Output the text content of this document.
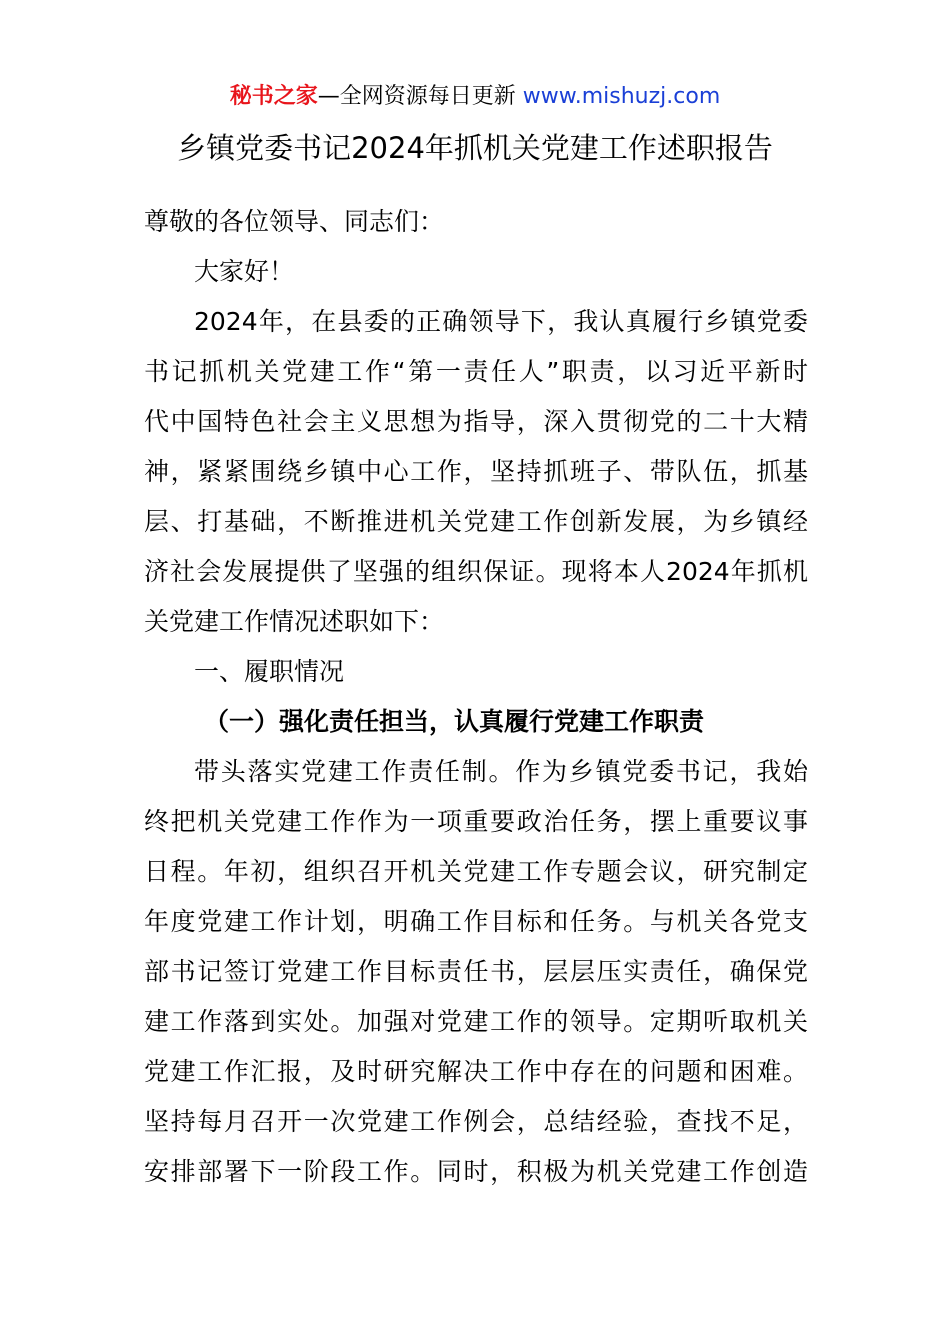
秘书之家—全网资源每日更新 www.mishuzj.com
乡镇党委书记2024年抓机关党建工作述职报告

尊敬的各位领导、同志们：

大家好！

2024年，在县委的正确领导下，我认真履行乡镇党委

书记抓机关党建工作“第一责任人”职责，以习近平新时

代中国特色社会主义思想为指导，深入贯彻党的二十大精

神，紧紧围绕乡镇中心工作，坚持抓班子、带队伍，抓基

层、打基础，不断推进机关党建工作创新发展，为乡镇经

济社会发展提供了坚强的组织保证。现将本人2024年抓机

关党建工作情况述职如下：

一、履职情况

（一）强化责任担当，认真履行党建工作职责

带头落实党建工作责任制。作为乡镇党委书记，我始

终把机关党建工作作为一项重要政治任务，摆上重要议事

日程。年初，组织召开机关党建工作专题会议，研究制定

年度党建工作计划，明确工作目标和任务。与机关各党支

部书记签订党建工作目标责任书，层层压实责任，确保党

建工作落到实处。加强对党建工作的领导。定期听取机关

党建工作汇报，及时研究解决工作中存在的问题和困难。

坚持每月召开一次党建工作例会，总结经验，查找不足，

安排部署下一阶段工作。同时，积极为机关党建工作创造
